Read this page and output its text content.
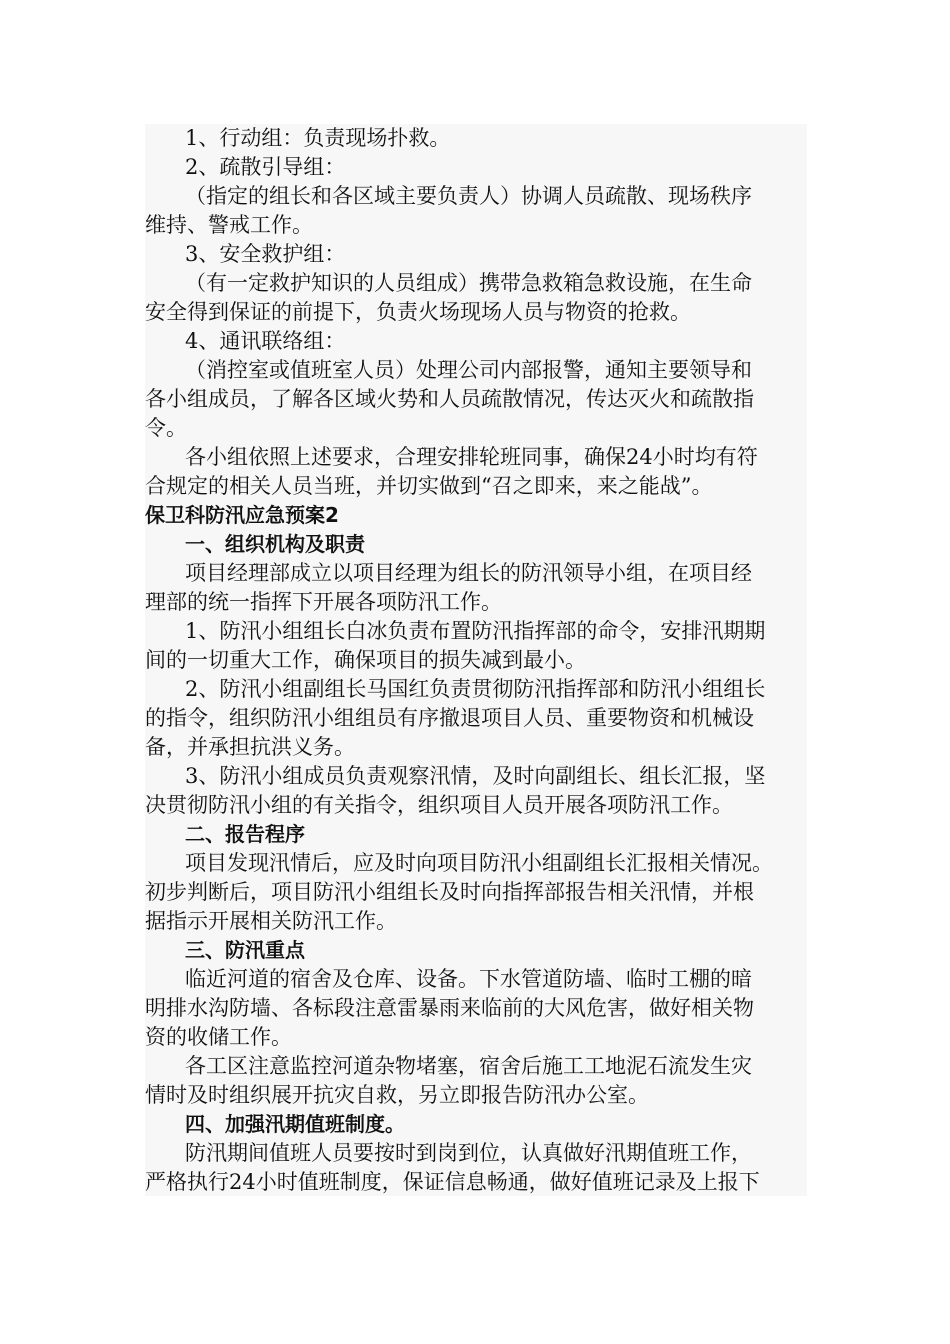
1、行动组：负责现场扑救。
2、疏散引导组：
（指定的组长和各区域主要负责人）协调人员疏散、现场秩序
维持、警戒工作。
3、安全救护组：
（有一定救护知识的人员组成）携带急救箱急救设施，在生命
安全得到保证的前提下，负责火场现场人员与物资的抢救。
4、通讯联络组：
（消控室或值班室人员）处理公司内部报警，通知主要领导和
各小组成员，了解各区域火势和人员疏散情况，传达灭火和疏散指
令。
各小组依照上述要求，合理安排轮班同事，确保24小时均有符
合规定的相关人员当班，并切实做到“召之即来，来之能战”。
保卫科防汛应急预案2
一、组织机构及职责
项目经理部成立以项目经理为组长的防汛领导小组，在项目经
理部的统一指挥下开展各项防汛工作。
1、防汛小组组长白冰负责布置防汛指挥部的命令，安排汛期期
间的一切重大工作，确保项目的损失减到最小。
2、防汛小组副组长马国红负责贯彻防汛指挥部和防汛小组组长
的指令，组织防汛小组组员有序撤退项目人员、重要物资和机械设
备，并承担抗洪义务。
3、防汛小组成员负责观察汛情，及时向副组长、组长汇报，坚
决贯彻防汛小组的有关指令，组织项目人员开展各项防汛工作。
二、报告程序
项目发现汛情后，应及时向项目防汛小组副组长汇报相关情况。
初步判断后，项目防汛小组组长及时向指挥部报告相关汛情，并根
据指示开展相关防汛工作。
三、防汛重点
临近河道的宿舍及仓库、设备。下水管道防墙、临时工棚的暗
明排水沟防墙、各标段注意雷暴雨来临前的大风危害，做好相关物
资的收储工作。
各工区注意监控河道杂物堵塞，宿舍后施工工地泥石流发生灾
情时及时组织展开抗灾自救，另立即报告防汛办公室。
四、加强汛期值班制度。
防汛期间值班人员要按时到岗到位，认真做好汛期值班工作，
严格执行24小时值班制度，保证信息畅通，做好值班记录及上报下
